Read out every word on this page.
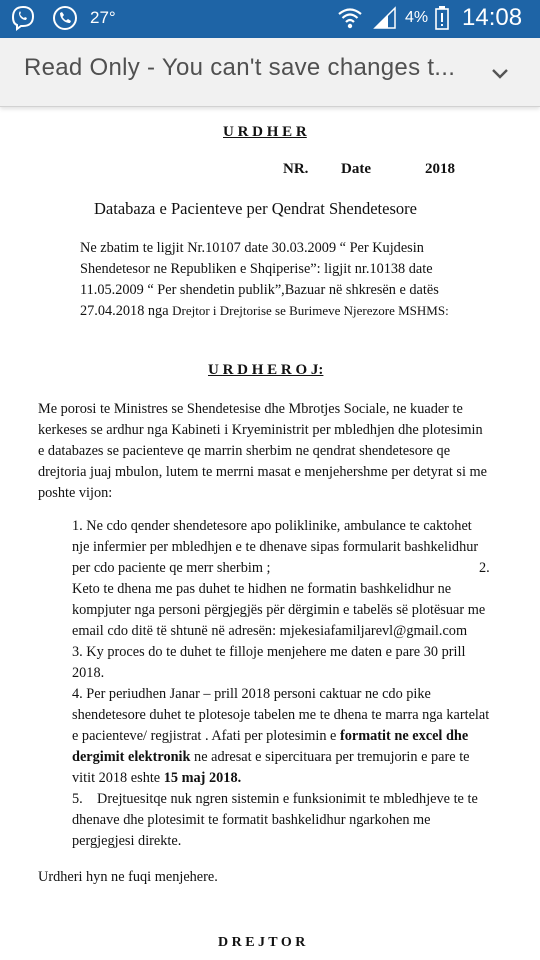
27°	4% 14:08
Read Only - You can't save changes t...
U R D H E R
NR. Date	2018
Databaza e Pacienteve per Qendrat Shendetesore
Ne zbatim te ligjit Nr.10107 date 30.03.2009 “ Per Kujdesin
Shendetesor ne Republiken e Shqiperise”: ligjit nr.10138 date
11.05.2009 “ Per shendetin publik”,Bazuar në shkresën e datës
27.04.2018 nga Drejtor i Drejtorise se Burimeve Njerezore MSHMS:
U R D H E R O J:
Me porosi te Ministres se Shendetesise dhe Mbrotjes Sociale, ne kuader te
kerkeses se ardhur nga Kabineti i Kryeministrit per mbledhjen dhe plotesimin
e databazes se pacienteve qe marrin sherbim ne qendrat shendetesore qe
drejtoria juaj mbulon, lutem te merrni masat e menjehershme per detyrat si me
poshte vijon:
1. Ne cdo qender shendetesore apo poliklinike, ambulance te caktohet
nje infermier per mbledhjen e te dhenave sipas formularit bashkelidhur
per cdo paciente qe merr sherbim ;	2.
Keto te dhena me pas duhet te hidhen ne formatin bashkelidhur ne
kompjuter nga personi përgjegjës për dërgimin e tabelës së plotësuar me
email cdo ditë të shtunë në adresën: mjekesiafamiljarevl@gmail.com
3. Ky proces do te duhet te filloje menjehere me daten e pare 30 prill
2018.
4. Per periudhen Janar – prill 2018 personi caktuar ne cdo pike
shendetesore duhet te plotesoje tabelen me te dhena te marra nga kartelat
e pacienteve/ regjistrat . Afati per plotesimin e formatit ne excel dhe
dergimit elektronik ne adresat e sipercituara per tremujorin e pare te
vitit 2018 eshte 15 maj 2018.
5.    Drejtuesitqe nuk ngren sistemin e funksionimit te mbledhjeve te te
dhenave dhe plotesimit te formatit bashkelidhur ngarkohen me
pergjegjesi direkte.
Urdheri hyn ne fuqi menjehere.
D R E J T O R
